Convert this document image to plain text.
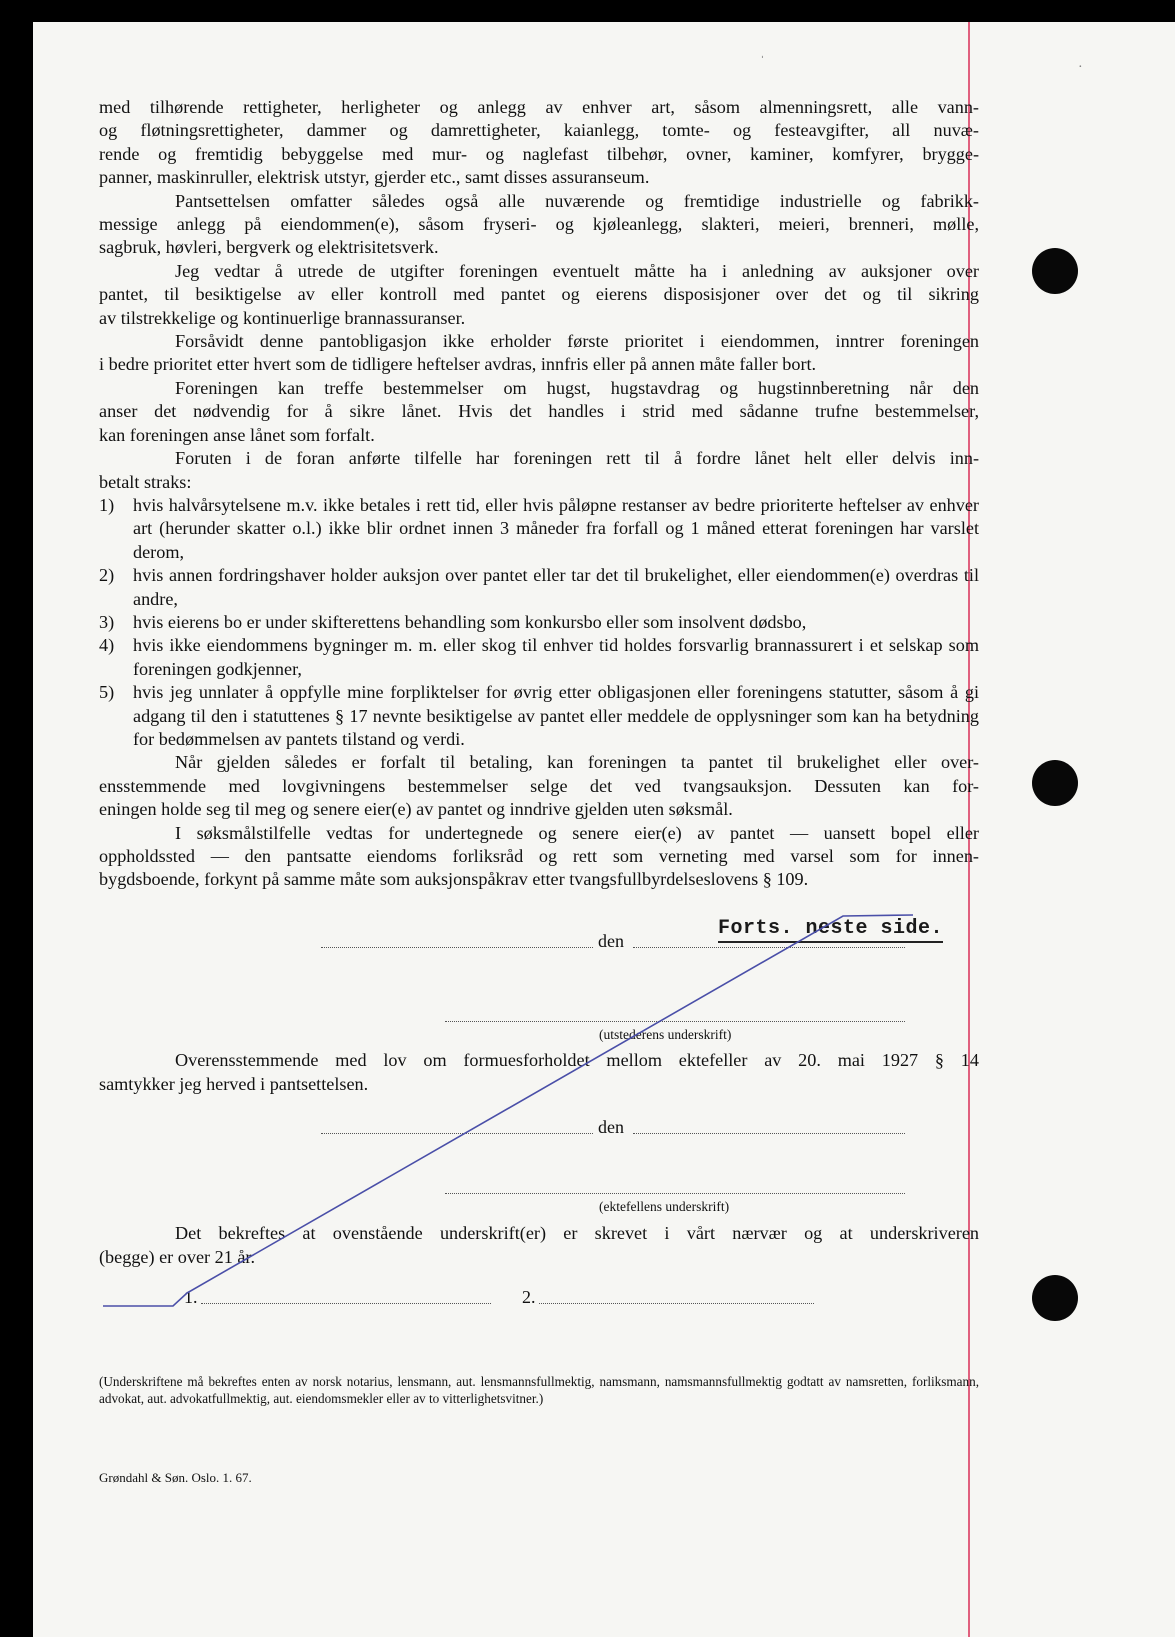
ˌ
·

med tilhørende rettigheter, herligheter og anlegg av enhver art, såsom almenningsrett, alle vann-
og fløtningsrettigheter, dammer og damrettigheter, kaianlegg, tomte- og festeavgifter, all nuvæ-
rende og fremtidig bebyggelse med mur- og naglefast tilbehør, ovner, kaminer, komfyrer, brygge-
panner, maskinruller, elektrisk utstyr, gjerder etc., samt disses assuranseum.

Pantsettelsen omfatter således også alle nuværende og fremtidige industrielle og fabrikk-
messige anlegg på eiendommen(e), såsom fryseri- og kjøleanlegg, slakteri, meieri, brenneri, mølle,
sagbruk, høvleri, bergverk og elektrisitetsverk.

Jeg vedtar å utrede de utgifter foreningen eventuelt måtte ha i anledning av auksjoner over
pantet, til besiktigelse av eller kontroll med pantet og eierens disposisjoner over det og til sikring
av tilstrekkelige og kontinuerlige brannassuranser.

Forsåvidt denne pantobligasjon ikke erholder første prioritet i eiendommen, inntrer foreningen
i bedre prioritet etter hvert som de tidligere heftelser avdras, innfris eller på annen måte faller bort.

Foreningen kan treffe bestemmelser om hugst, hugstavdrag og hugstinnberetning når den
anser det nødvendig for å sikre lånet. Hvis det handles i strid med sådanne trufne bestemmelser,
kan foreningen anse lånet som forfalt.

Foruten i de foran anførte tilfelle har foreningen rett til å fordre lånet helt eller delvis inn-
betalt straks:

1)	hvis halvårsytelsene m.v. ikke betales i rett tid, eller hvis påløpne restanser av bedre prioriterte heftelser av enhver art (herunder skatter o.l.) ikke blir ordnet innen 3 måneder fra forfall og 1 måned etterat foreningen har varslet derom,
2)	hvis annen fordringshaver holder auksjon over pantet eller tar det til brukelighet, eller eiendommen(e) overdras til andre,
3)	hvis eierens bo er under skifterettens behandling som konkursbo eller som insolvent dødsbo,
4)	hvis ikke eiendommens bygninger m. m. eller skog til enhver tid holdes forsvarlig brannassurert i et selskap som foreningen godkjenner,
5)	hvis jeg unnlater å oppfylle mine forpliktelser for øvrig etter obligasjonen eller foreningens statutter, såsom å gi adgang til den i statuttenes § 17 nevnte besiktigelse av pantet eller meddele de opplysninger som kan ha betydning for bedømmelsen av pantets tilstand og verdi.

Når gjelden således er forfalt til betaling, kan foreningen ta pantet til brukelighet eller over-
ensstemmende med lovgivningens bestemmelser selge det ved tvangsauksjon. Dessuten kan for-
eningen holde seg til meg og senere eier(e) av pantet og inndrive gjelden uten søksmål.

I søksmålstilfelle vedtas for undertegnede og senere eier(e) av pantet — uansett bopel eller
oppholdssted — den pantsatte eiendoms forliksråd og rett som verneting med varsel som for innen-
bygdsboende, forkynt på samme måte som auksjonspåkrav etter tvangsfullbyrdelseslovens § 109.

Forts. neste side.
den
(utstederens underskrift)

Overensstemmende med lov om formuesforholdet mellom ektefeller av 20. mai 1927 § 14

samtykker jeg herved i pantsettelsen.

den
(ektefellens underskrift)

Det bekreftes at ovenstående underskrift(er) er skrevet i vårt nærvær og at underskriveren

(begge) er over 21 år.

1.	2.

(Underskriftene må bekreftes enten av norsk notarius, lensmann, aut. lensmannsfullmektig, namsmann, namsmannsfullmektig godtatt av namsretten, forliksmann, advokat, aut. advokatfullmektig, aut. eiendomsmekler eller av to vitterlighetsvitner.)

Grøndahl & Søn. Oslo. 1. 67.
